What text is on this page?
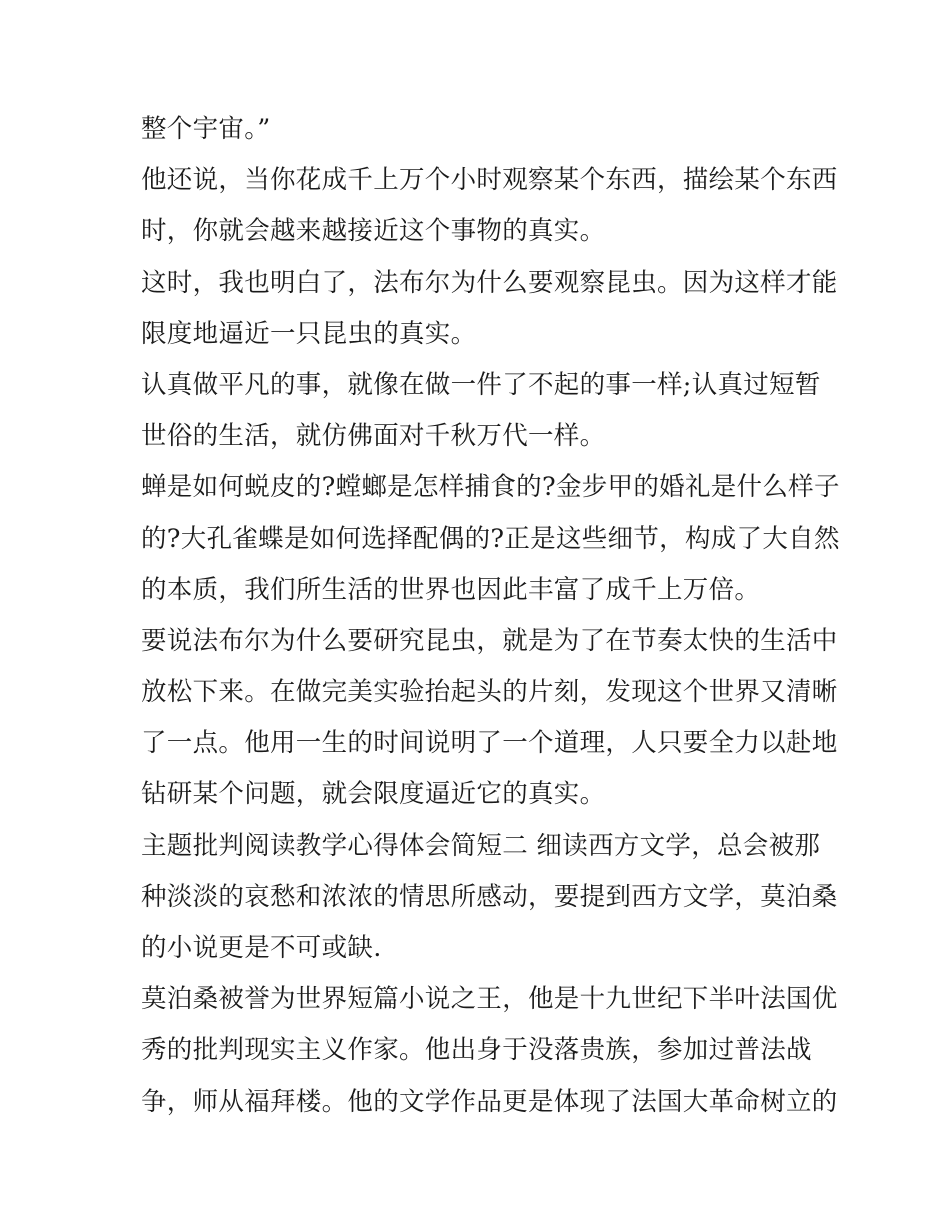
整个宇宙。”
他还说，当你花成千上万个小时观察某个东西，描绘某个东西
时，你就会越来越接近这个事物的真实。
这时，我也明白了，法布尔为什么要观察昆虫。因为这样才能
限度地逼近一只昆虫的真实。
认真做平凡的事，就像在做一件了不起的事一样;认真过短暂
世俗的生活，就仿佛面对千秋万代一样。
蝉是如何蜕皮的?螳螂是怎样捕食的?金步甲的婚礼是什么样子
的?大孔雀蝶是如何选择配偶的?正是这些细节，构成了大自然
的本质，我们所生活的世界也因此丰富了成千上万倍。
要说法布尔为什么要研究昆虫，就是为了在节奏太快的生活中
放松下来。在做完美实验抬起头的片刻，发现这个世界又清晰
了一点。他用一生的时间说明了一个道理，人只要全力以赴地
钻研某个问题，就会限度逼近它的真实。
主题批判阅读教学心得体会简短二 细读西方文学，总会被那
种淡淡的哀愁和浓浓的情思所感动，要提到西方文学，莫泊桑
的小说更是不可或缺.
莫泊桑被誉为世界短篇小说之王，他是十九世纪下半叶法国优
秀的批判现实主义作家。他出身于没落贵族，参加过普法战
争，师从福拜楼。他的文学作品更是体现了法国大革命树立的
